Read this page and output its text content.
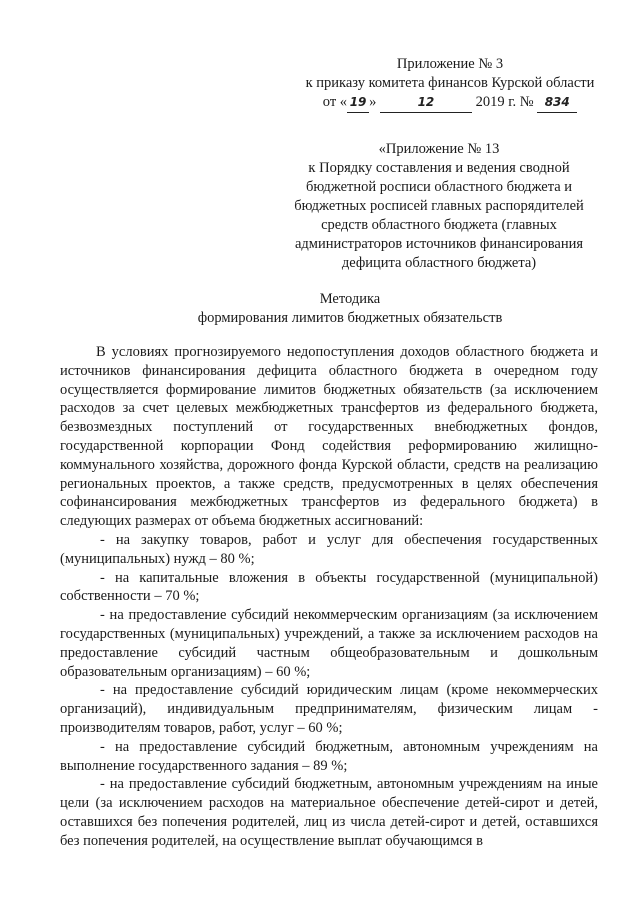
Приложение № 3
к приказу комитета финансов Курской области
от « 19 »	12	2019 г. № 834
«Приложение № 13
к Порядку составления и ведения сводной
бюджетной росписи областного бюджета и
бюджетных росписей главных распорядителей
средств областного бюджета (главных
администраторов источников финансирования
дефицита областного бюджета)
Методика
формирования лимитов бюджетных обязательств

В условиях прогнозируемого недопоступления доходов областного бюджета и источников финансирования дефицита областного бюджета в очередном году осуществляется формирование лимитов бюджетных обязательств (за исключением расходов за счет целевых межбюджетных трансфертов из федерального бюджета, безвозмездных поступлений от государственных внебюджетных фондов, государственной корпорации Фонд содействия реформированию жилищно-коммунального хозяйства, дорожного фонда Курской области, средств на реализацию региональных проектов, а также средств, предусмотренных в целях обеспечения софинансирования межбюджетных трансфертов из федерального бюджета) в следующих размерах от объема бюджетных ассигнований:

- на закупку товаров, работ и услуг для обеспечения государственных (муниципальных) нужд – 80 %;

- на капитальные вложения в объекты государственной (муниципальной) собственности – 70 %;

- на предоставление субсидий некоммерческим организациям (за исключением государственных (муниципальных) учреждений, а также за исключением расходов на предоставление субсидий частным общеобразовательным и дошкольным образовательным организациям) – 60 %;

- на предоставление субсидий юридическим лицам (кроме некоммерческих организаций), индивидуальным предпринимателям, физическим лицам - производителям товаров, работ, услуг – 60 %;

- на предоставление субсидий бюджетным, автономным учреждениям на выполнение государственного задания – 89 %;

- на предоставление субсидий бюджетным, автономным учреждениям на иные цели (за исключением расходов на материальное обеспечение детей-сирот и детей, оставшихся без попечения родителей, лиц из числа детей-сирот и детей, оставшихся без попечения родителей, на осуществление выплат обучающимся в
